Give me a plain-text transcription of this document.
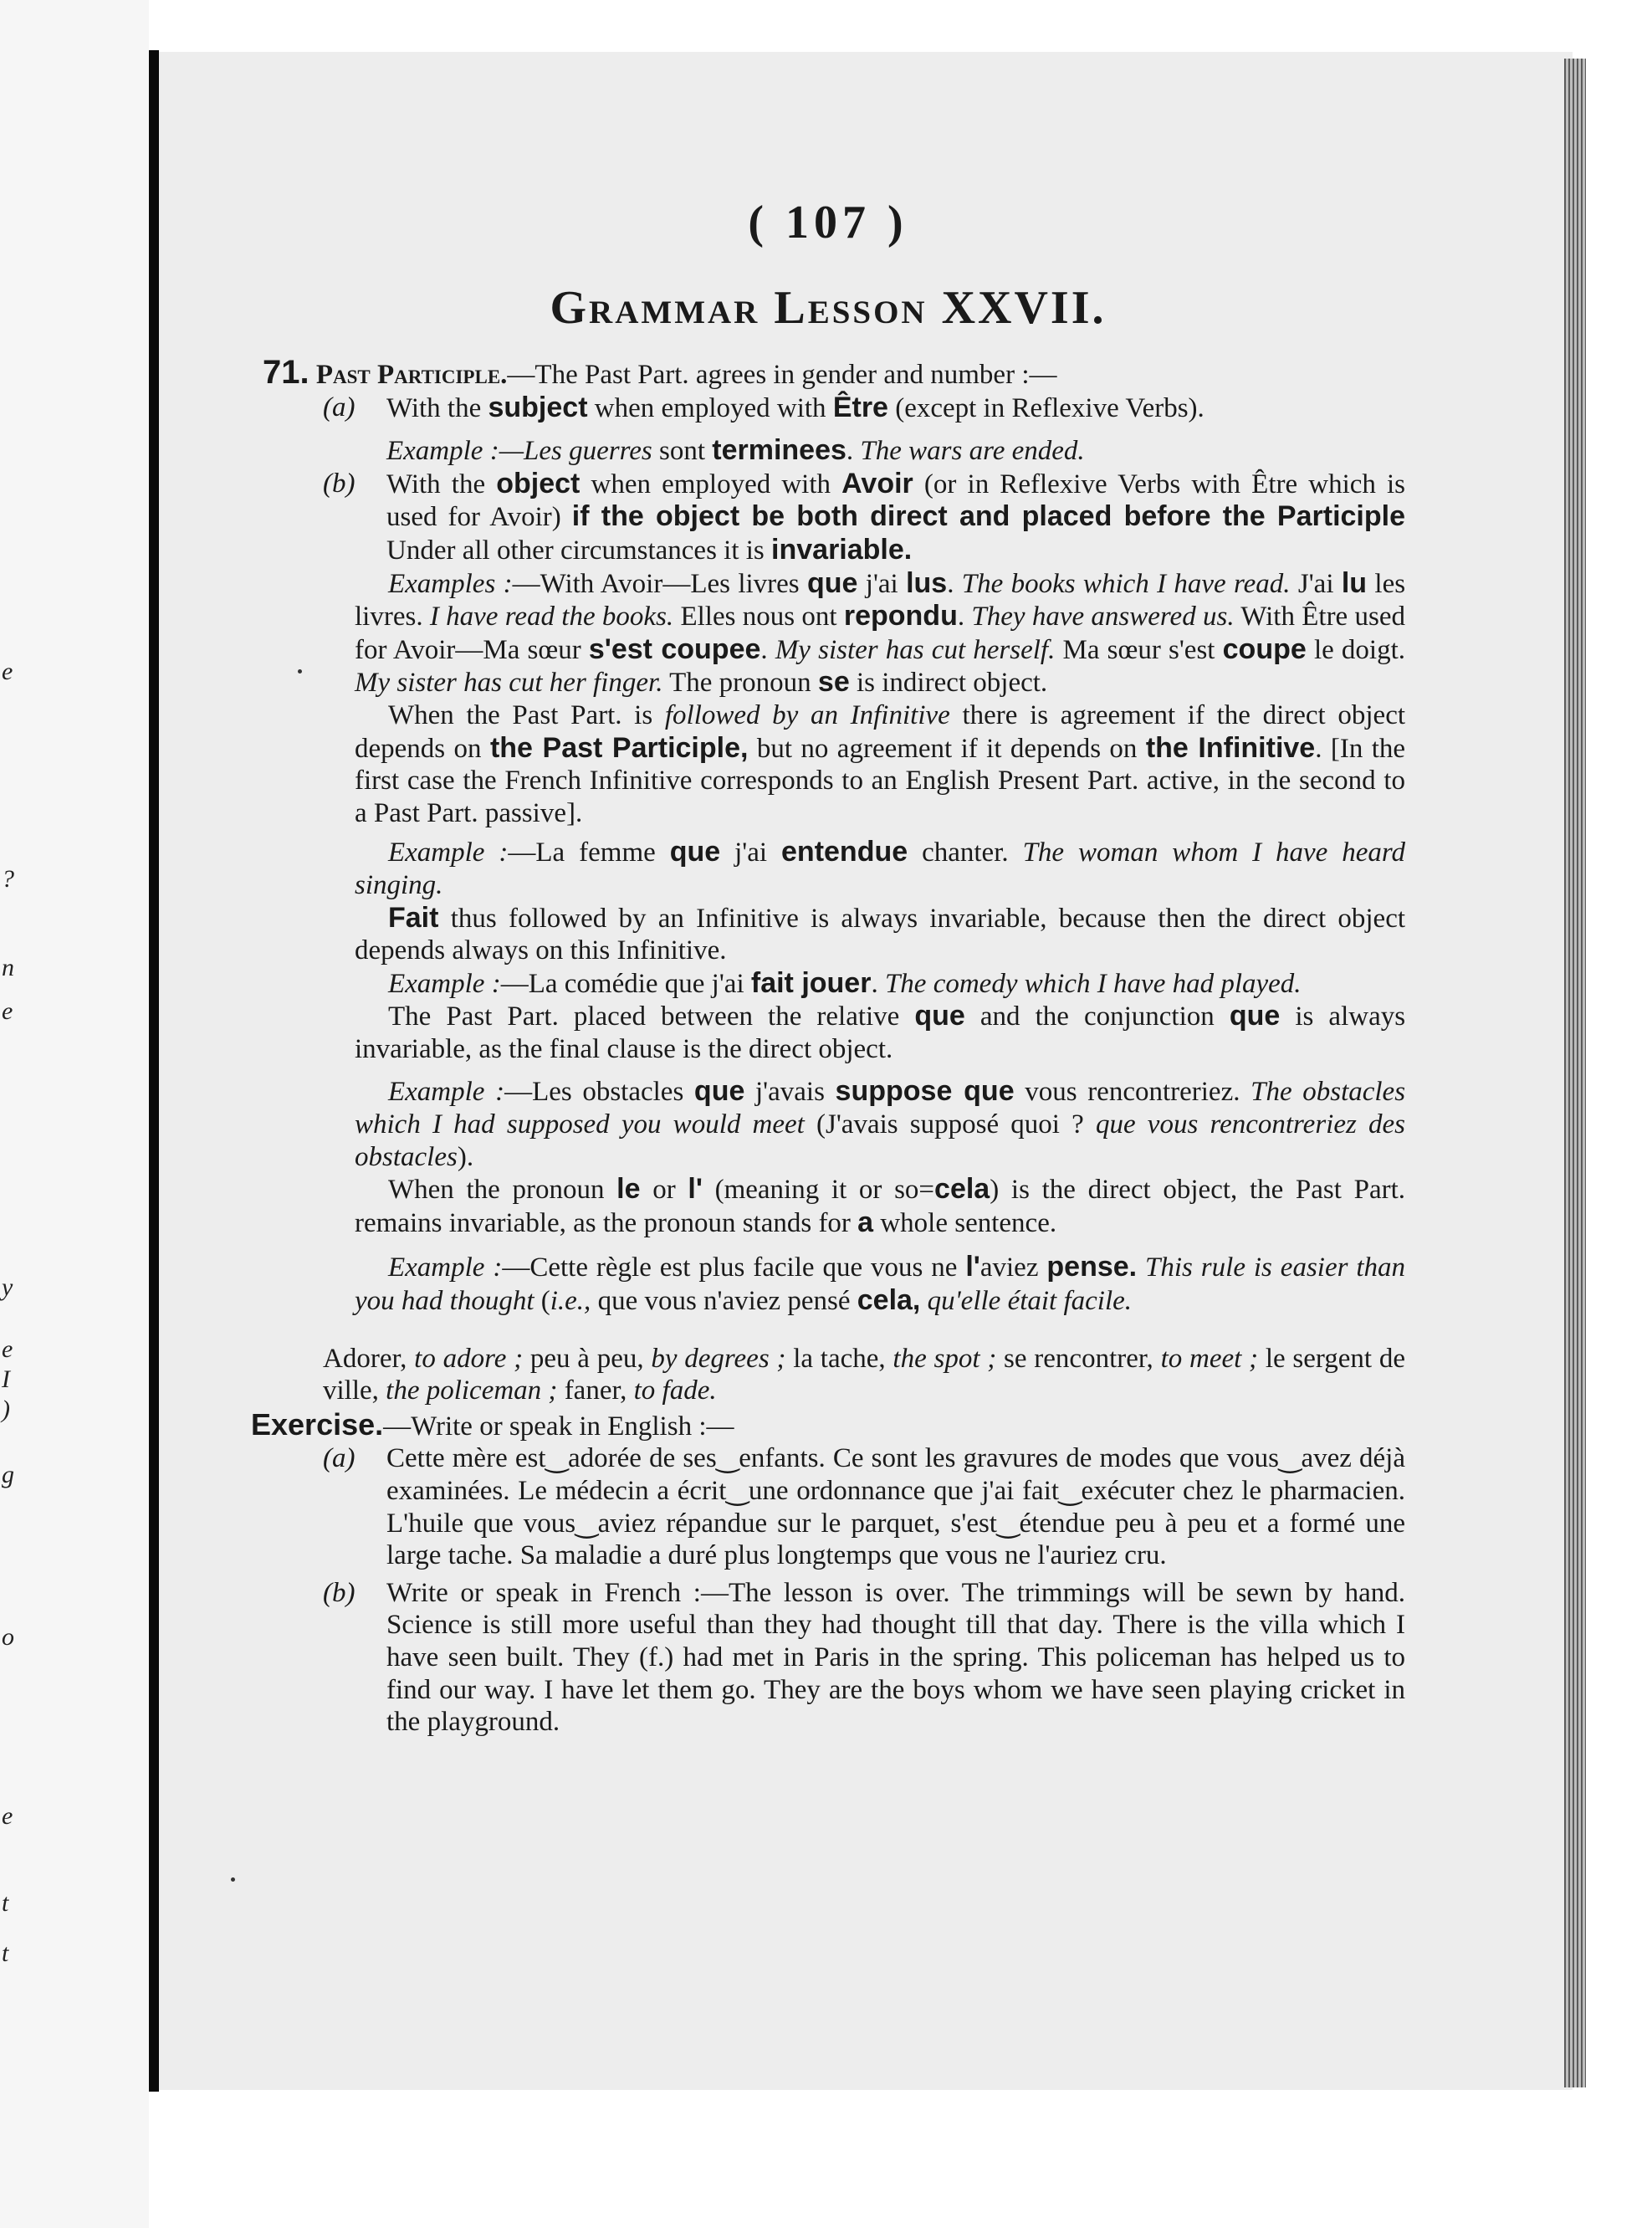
e
?
n
e
y
e
I
)
g
o
e
t
t
( 107 )
Grammar Lesson XXVII.
71. Past Participle.—The Past Part. agrees in gender and number :—
(a) With the subject when employed with Être (except in Reflexive Verbs).
Example :—Les guerres sont terminees. The wars are ended.
(b) With the object when employed with Avoir (or in Reflexive Verbs with Être which is used for Avoir) if the object be both direct and placed before the Participle Under all other circumstances it is invariable.
Examples :—With Avoir—Les livres que j'ai lus. The books which I have read. J'ai lu les livres. I have read the books. Elles nous ont repondu. They have answered us. With Être used for Avoir—Ma sœur s'est coupee. My sister has cut herself. Ma sœur s'est coupe le doigt. My sister has cut her finger. The pronoun se is indirect object.
When the Past Part. is followed by an Infinitive there is agreement if the direct object depends on the Past Participle, but no agreement if it depends on the Infinitive. [In the first case the French Infinitive corresponds to an English Present Part. active, in the second to a Past Part. passive].
Example :—La femme que j'ai entendue chanter. The woman whom I have heard singing.
Fait thus followed by an Infinitive is always invariable, because then the direct object depends always on this Infinitive.
Example :—La comédie que j'ai fait jouer. The comedy which I have had played.
The Past Part. placed between the relative que and the conjunction que is always invariable, as the final clause is the direct object.
Example :—Les obstacles que j'avais suppose que vous rencontreriez. The obstacles which I had supposed you would meet (J'avais supposé quoi ? que vous rencontreriez des obstacles).
When the pronoun le or l' (meaning it or so=cela) is the direct object, the Past Part. remains invariable, as the pronoun stands for a whole sentence.
Example :—Cette règle est plus facile que vous ne l'aviez pense. This rule is easier than you had thought (i.e., que vous n'aviez pensé cela, qu'elle était facile.
Adorer, to adore ; peu à peu, by degrees ; la tache, the spot ; se rencontrer, to meet ; le sergent de ville, the policeman ; faner, to fade.
Exercise.—Write or speak in English :—
(a) Cette mère est‿adorée de ses‿enfants. Ce sont les gravures de modes que vous‿avez déjà examinées. Le médecin a écrit‿une ordonnance que j'ai fait‿exécuter chez le pharmacien. L'huile que vous‿aviez répandue sur le parquet, s'est‿étendue peu à peu et a formé une large tache. Sa maladie a duré plus longtemps que vous ne l'auriez cru.
(b) Write or speak in French :—The lesson is over. The trimmings will be sewn by hand. Science is still more useful than they had thought till that day. There is the villa which I have seen built. They (f.) had met in Paris in the spring. This policeman has helped us to find our way. I have let them go. They are the boys whom we have seen playing cricket in the playground.
